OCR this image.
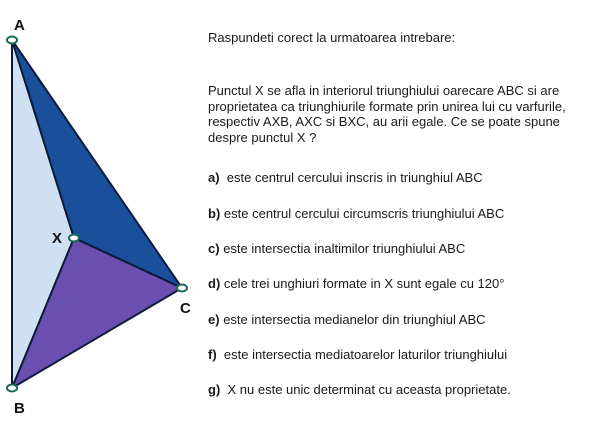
A
B
C
X
Raspundeti corect la urmatoarea intrebare:
Punctul X se afla in interiorul triunghiului oarecare ABC si are proprietatea ca triunghiurile formate prin unirea lui cu varfurile, respectiv AXB, AXC si BXC, au arii egale. Ce se poate spune despre punctul X ?
a) este centrul cercului inscris in triunghiul ABC
b) este centrul cercului circumscris triunghiului ABC
c) este intersectia inaltimilor triunghiului ABC
d) cele trei unghiuri formate in X sunt egale cu 120°
e) este intersectia medianelor din triunghiul ABC
f) este intersectia mediatoarelor laturilor triunghiului
g) X nu este unic determinat cu aceasta proprietate.
